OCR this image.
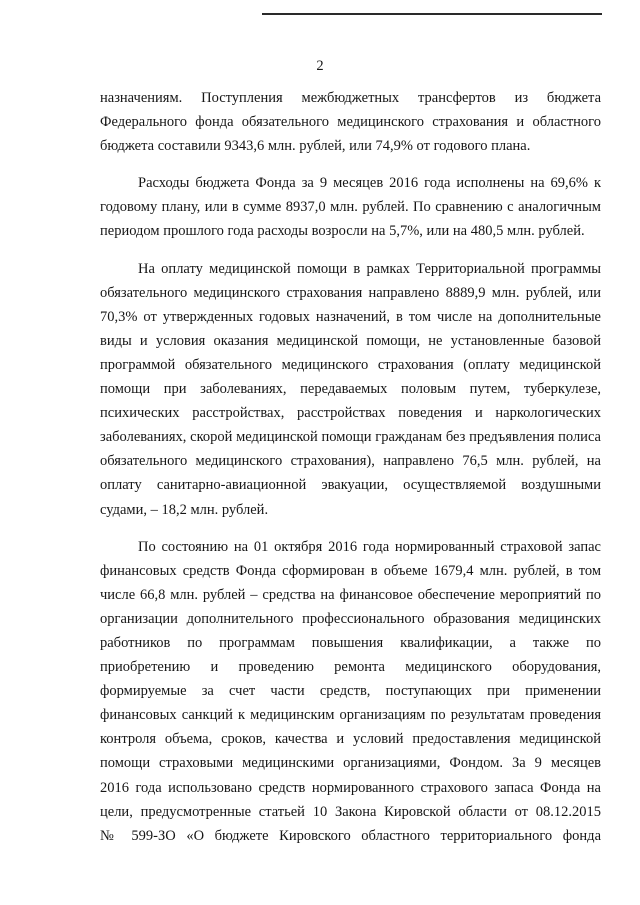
2
назначениям. Поступления межбюджетных трансфертов из бюджета
Федерального фонда обязательного медицинского страхования и областного
бюджета составили 9343,6 млн. рублей, или 74,9% от годового плана.
Расходы бюджета Фонда за 9 месяцев 2016 года исполнены на 69,6% к
годовому плану, или в сумме 8937,0 млн. рублей. По сравнению с аналогичным
периодом прошлого года расходы возросли на 5,7%, или на 480,5 млн. рублей.
На оплату медицинской помощи в рамках Территориальной программы
обязательного медицинского страхования направлено 8889,9 млн. рублей, или
70,3% от утвержденных годовых назначений, в том числе на дополнительные
виды и условия оказания медицинской помощи, не установленные базовой
программой обязательного медицинского страхования (оплату медицинской
помощи при заболеваниях, передаваемых половым путем, туберкулезе,
психических расстройствах, расстройствах поведения и наркологических
заболеваниях, скорой медицинской помощи гражданам без предъявления полиса
обязательного медицинского страхования), направлено 76,5 млн. рублей, на
оплату санитарно-авиационной эвакуации, осуществляемой воздушными
судами, – 18,2 млн. рублей.
По состоянию на 01 октября 2016 года нормированный страховой запас
финансовых средств Фонда сформирован в объеме 1679,4 млн. рублей, в том
числе 66,8 млн. рублей – средства на финансовое обеспечение мероприятий по
организации дополнительного профессионального образования медицинских
работников по программам повышения квалификации, а также по
приобретению и проведению ремонта медицинского оборудования,
формируемые за счет части средств, поступающих при применении
финансовых санкций к медицинским организациям по результатам проведения
контроля объема, сроков, качества и условий предоставления медицинской
помощи страховыми медицинскими организациями, Фондом. За 9 месяцев
2016 года использовано средств нормированного страхового запаса Фонда на
цели, предусмотренные статьей 10 Закона Кировской области от 08.12.2015
№ 599-ЗО «О бюджете Кировского областного территориального фонда
